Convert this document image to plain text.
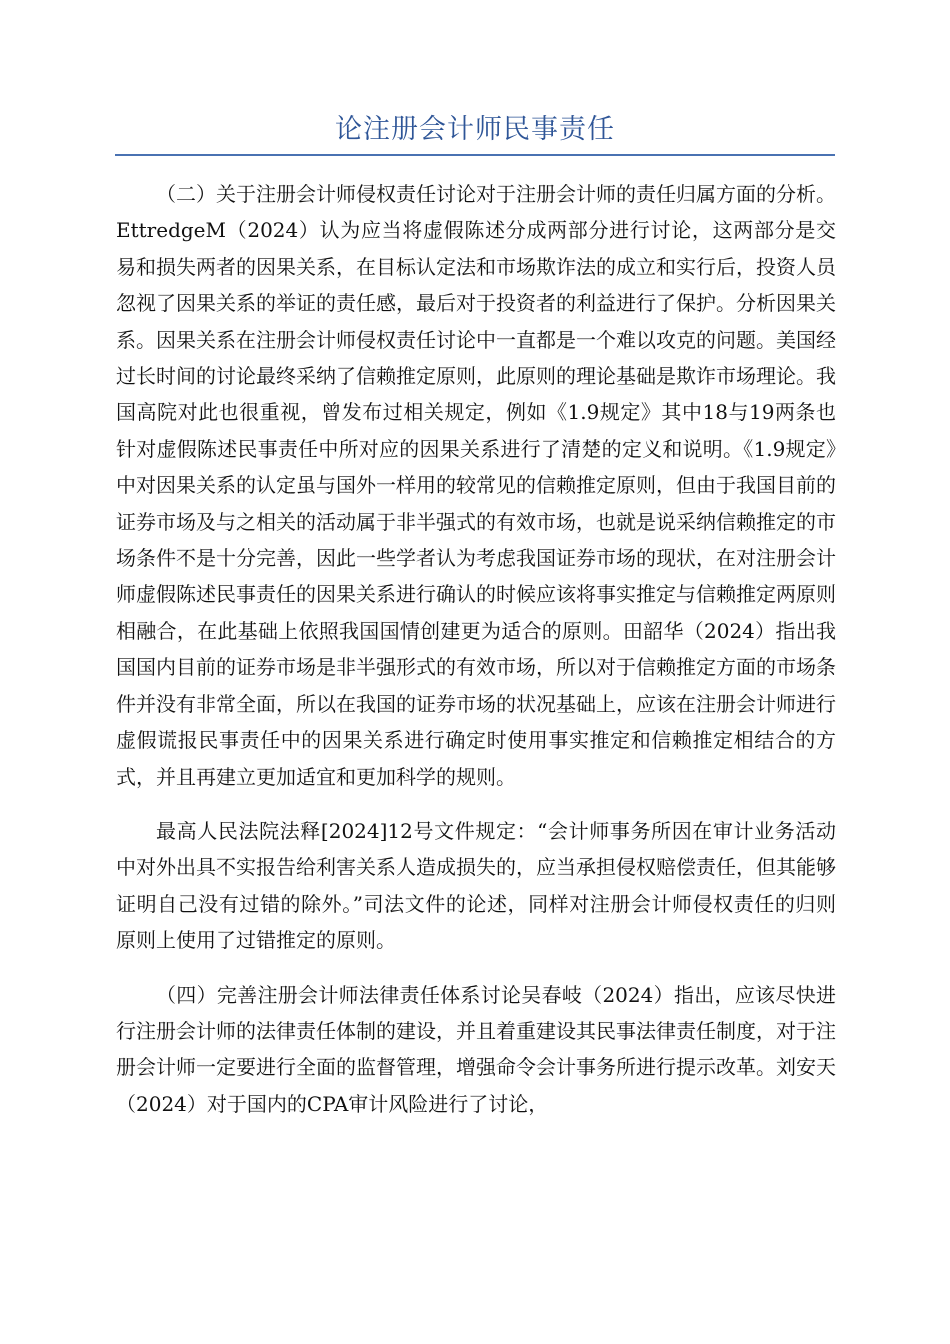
论注册会计师民事责任

（二）关于注册会计师侵权责任讨论对于注册会计师的责任归属方面的分析。EttredgeM（2024）认为应当将虚假陈述分成两部分进行讨论，这两部分是交易和损失两者的因果关系，在目标认定法和市场欺诈法的成立和实行后，投资人员忽视了因果关系的举证的责任感，最后对于投资者的利益进行了保护。分析因果关系。因果关系在注册会计师侵权责任讨论中一直都是一个难以攻克的问题。美国经过长时间的讨论最终采纳了信赖推定原则，此原则的理论基础是欺诈市场理论。我国高院对此也很重视，曾发布过相关规定，例如《1.9规定》其中18与19两条也针对虚假陈述民事责任中所对应的因果关系进行了清楚的定义和说明。《1.9规定》中对因果关系的认定虽与国外一样用的较常见的信赖推定原则，但由于我国目前的证券市场及与之相关的活动属于非半强式的有效市场，也就是说采纳信赖推定的市场条件不是十分完善，因此一些学者认为考虑我国证券市场的现状，在对注册会计师虚假陈述民事责任的因果关系进行确认的时候应该将事实推定与信赖推定两原则相融合，在此基础上依照我国国情创建更为适合的原则。田韶华（2024）指出我国国内目前的证券市场是非半强形式的有效市场，所以对于信赖推定方面的市场条件并没有非常全面，所以在我国的证券市场的状况基础上，应该在注册会计师进行虚假谎报民事责任中的因果关系进行确定时使用事实推定和信赖推定相结合的方式，并且再建立更加适宜和更加科学的规则。

最高人民法院法释[2024]12号文件规定：“会计师事务所因在审计业务活动中对外出具不实报告给利害关系人造成损失的，应当承担侵权赔偿责任，但其能够证明自己没有过错的除外。”司法文件的论述，同样对注册会计师侵权责任的归则原则上使用了过错推定的原则。

（四）完善注册会计师法律责任体系讨论吴春岐（2024）指出，应该尽快进行注册会计师的法律责任体制的建设，并且着重建设其民事法律责任制度，对于注册会计师一定要进行全面的监督管理，增强命令会计事务所进行提示改革。刘安天（2024）对于国内的CPA审计风险进行了讨论，
